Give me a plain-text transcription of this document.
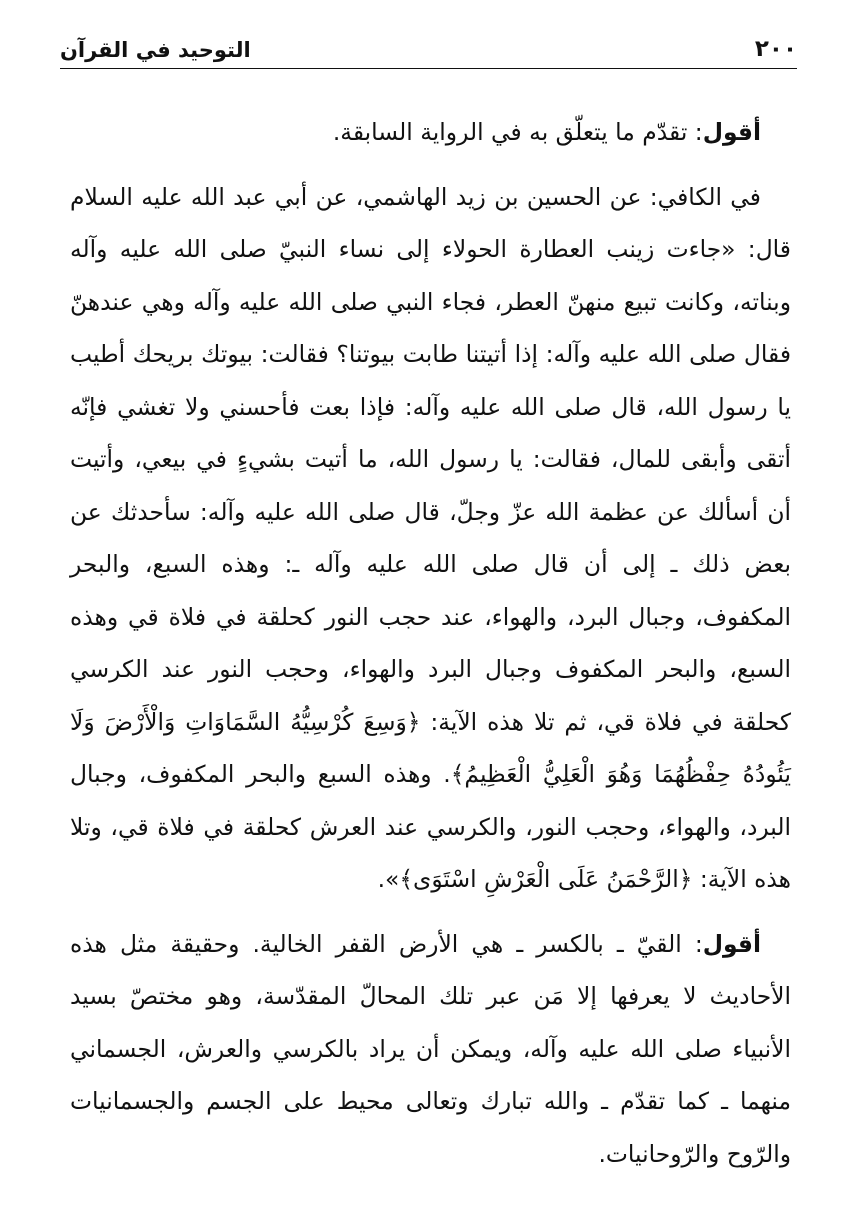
التوحيد في القرآن	٢٠٠

أقول: تقدّم ما يتعلّق به في الرواية السابقة.

في الكافي: عن الحسين بن زيد الهاشمي، عن أبي عبد الله عليه السلام قال: «جاءت زينب العطارة الحولاء إلى نساء النبيّ صلى الله عليه وآله وبناته، وكانت تبيع منهنّ العطر، فجاء النبي صلى الله عليه وآله وهي عندهنّ فقال صلى الله عليه وآله: إذا أتيتنا طابت بيوتنا؟ فقالت: بيوتك بريحك أطيب يا رسول الله، قال صلى الله عليه وآله: فإذا بعت فأحسني ولا تغشي فإنّه أتقى وأبقى للمال، فقالت: يا رسول الله، ما أتيت بشيءٍ في بيعي، وأتيت أن أسألك عن عظمة الله عزّ وجلّ، قال صلى الله عليه وآله: سأحدثك عن بعض ذلك ـ إلى أن قال صلى الله عليه وآله ـ: وهذه السبع، والبحر المكفوف، وجبال البرد، والهواء، عند حجب النور كحلقة في فلاة قي وهذه السبع، والبحر المكفوف وجبال البرد والهواء، وحجب النور عند الكرسي كحلقة في فلاة قي، ثم تلا هذه الآية: ﴿وَسِعَ كُرْسِيُّهُ السَّمَاوَاتِ وَالْأَرْضَ وَلَا يَئُودُهُ حِفْظُهُمَا وَهُوَ الْعَلِيُّ الْعَظِيمُ﴾. وهذه السبع والبحر المكفوف، وجبال البرد، والهواء، وحجب النور، والكرسي عند العرش كحلقة في فلاة قي، وتلا هذه الآية: ﴿الرَّحْمَنُ عَلَى الْعَرْشِ اسْتَوَى﴾».

أقول: القيّ ـ بالكسر ـ هي الأرض القفر الخالية. وحقيقة مثل هذه الأحاديث لا يعرفها إلا مَن عبر تلك المحالّ المقدّسة، وهو مختصّ بسيد الأنبياء صلى الله عليه وآله، ويمكن أن يراد بالكرسي والعرش، الجسماني منهما ـ كما تقدّم ـ والله تبارك وتعالى محيط على الجسم والجسمانيات والرّوح والرّوحانيات.
